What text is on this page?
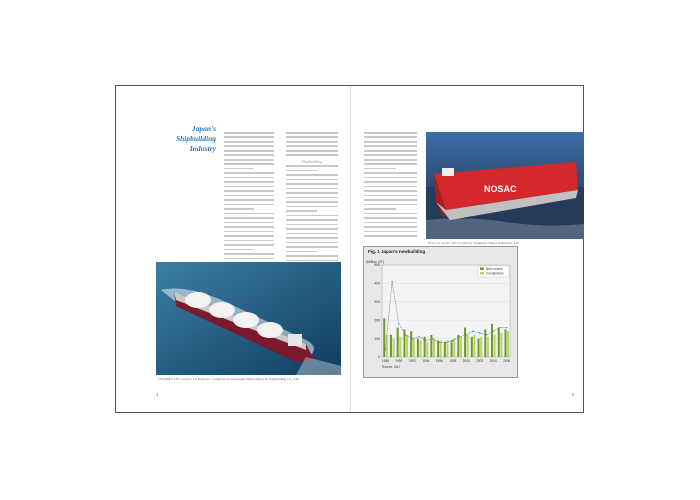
Japan's
Shipbuilding
Industry
Shipbuilding
170,000m³ LNG carrier, LG Enforcer, completed by Kawasaki Shipbuilding & Shipbuilding Co., Ltd.
NOSAC
Pure car carrier (PCC) built by Sumitomo Heavy Industries, Ltd.
Fig. 1 Japan's newbuilding
(Million GT)
500
400
300
200
100
0
1988 1990 1992 1994 1996 1998 2000 2002 2004 2006
New orders
Completions
Source: SAJ
4	5
